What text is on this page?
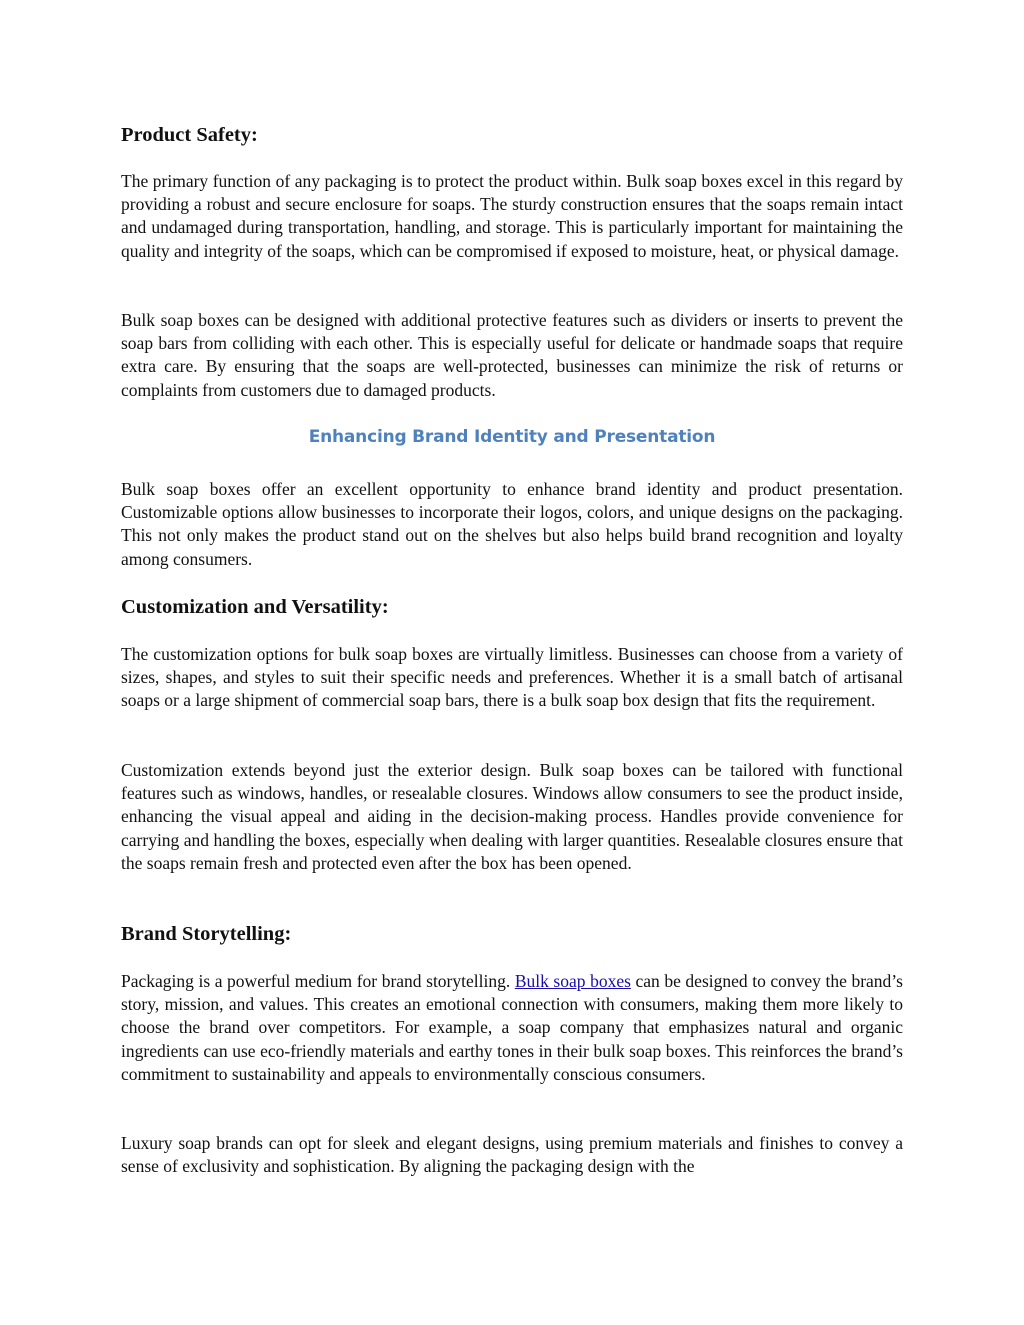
Product Safety:

The primary function of any packaging is to protect the product within. Bulk soap boxes excel in this regard by providing a robust and secure enclosure for soaps. The sturdy construction ensures that the soaps remain intact and undamaged during transportation, handling, and storage. This is particularly important for maintaining the quality and integrity of the soaps, which can be compromised if exposed to moisture, heat, or physical damage.

Bulk soap boxes can be designed with additional protective features such as dividers or inserts to prevent the soap bars from colliding with each other. This is especially useful for delicate or handmade soaps that require extra care. By ensuring that the soaps are well-protected, businesses can minimize the risk of returns or complaints from customers due to damaged products.

Enhancing Brand Identity and Presentation

Bulk soap boxes offer an excellent opportunity to enhance brand identity and product presentation. Customizable options allow businesses to incorporate their logos, colors, and unique designs on the packaging. This not only makes the product stand out on the shelves but also helps build brand recognition and loyalty among consumers.

Customization and Versatility:

The customization options for bulk soap boxes are virtually limitless. Businesses can choose from a variety of sizes, shapes, and styles to suit their specific needs and preferences. Whether it is a small batch of artisanal soaps or a large shipment of commercial soap bars, there is a bulk soap box design that fits the requirement.

Customization extends beyond just the exterior design. Bulk soap boxes can be tailored with functional features such as windows, handles, or resealable closures. Windows allow consumers to see the product inside, enhancing the visual appeal and aiding in the decision-making process. Handles provide convenience for carrying and handling the boxes, especially when dealing with larger quantities. Resealable closures ensure that the soaps remain fresh and protected even after the box has been opened.

Brand Storytelling:

Packaging is a powerful medium for brand storytelling. Bulk soap boxes can be designed to convey the brand’s story, mission, and values. This creates an emotional connection with consumers, making them more likely to choose the brand over competitors. For example, a soap company that emphasizes natural and organic ingredients can use eco-friendly materials and earthy tones in their bulk soap boxes. This reinforces the brand’s commitment to sustainability and appeals to environmentally conscious consumers.

Luxury soap brands can opt for sleek and elegant designs, using premium materials and finishes to convey a sense of exclusivity and sophistication. By aligning the packaging design with the
